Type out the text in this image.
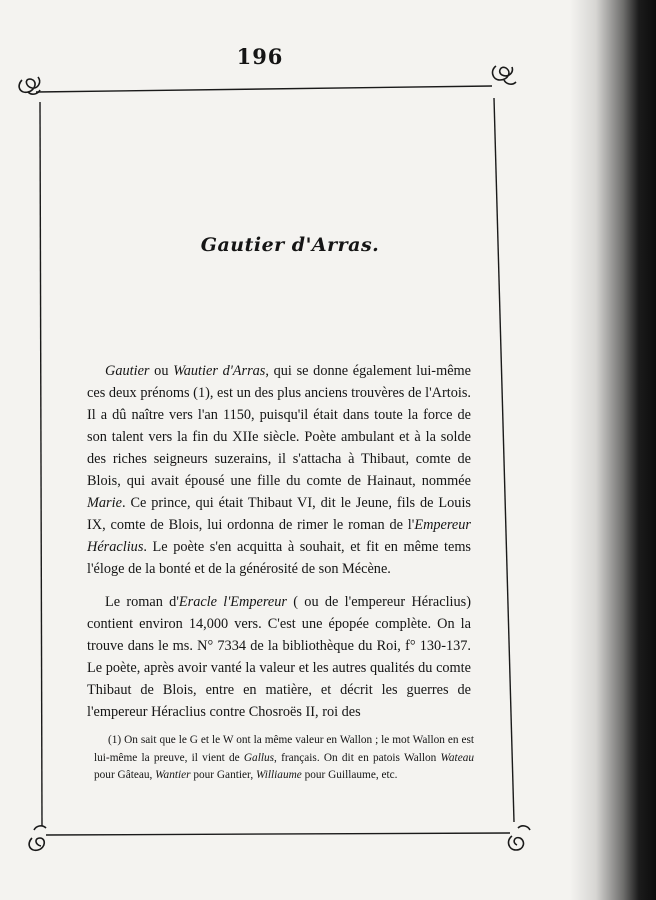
196
Gautier d'Arras.

Gautier ou Wautier d'Arras, qui se donne également lui-même ces deux prénoms (1), est un des plus anciens trouvères de l'Artois. Il a dû naître vers l'an 1150, puisqu'il était dans toute la force de son talent vers la fin du XIIe siècle. Poète ambulant et à la solde des riches seigneurs suzerains, il s'attacha à Thibaut, comte de Blois, qui avait épousé une fille du comte de Hainaut, nommée Marie. Ce prince, qui était Thibaut VI, dit le Jeune, fils de Louis IX, comte de Blois, lui ordonna de rimer le roman de l'Empereur Héraclius. Le poète s'en acquitta à souhait, et fit en même tems l'éloge de la bonté et de la générosité de son Mécène.

Le roman d'Eracle l'Empereur ( ou de l'empereur Héraclius) contient environ 14,000 vers. C'est une épopée complète. On la trouve dans le ms. N° 7334 de la bibliothèque du Roi, f° 130-137. Le poète, après avoir vanté la valeur et les autres qualités du comte Thibaut de Blois, entre en matière, et décrit les guerres de l'empereur Héraclius contre Chosroës II, roi des

(1) On sait que le G et le W ont la même valeur en Wallon ; le mot Wallon en est lui-même la preuve, il vient de Gallus, français. On dit en patois Wallon Wateau pour Gâteau, Wantier pour Gantier, Williaume pour Guillaume, etc.
